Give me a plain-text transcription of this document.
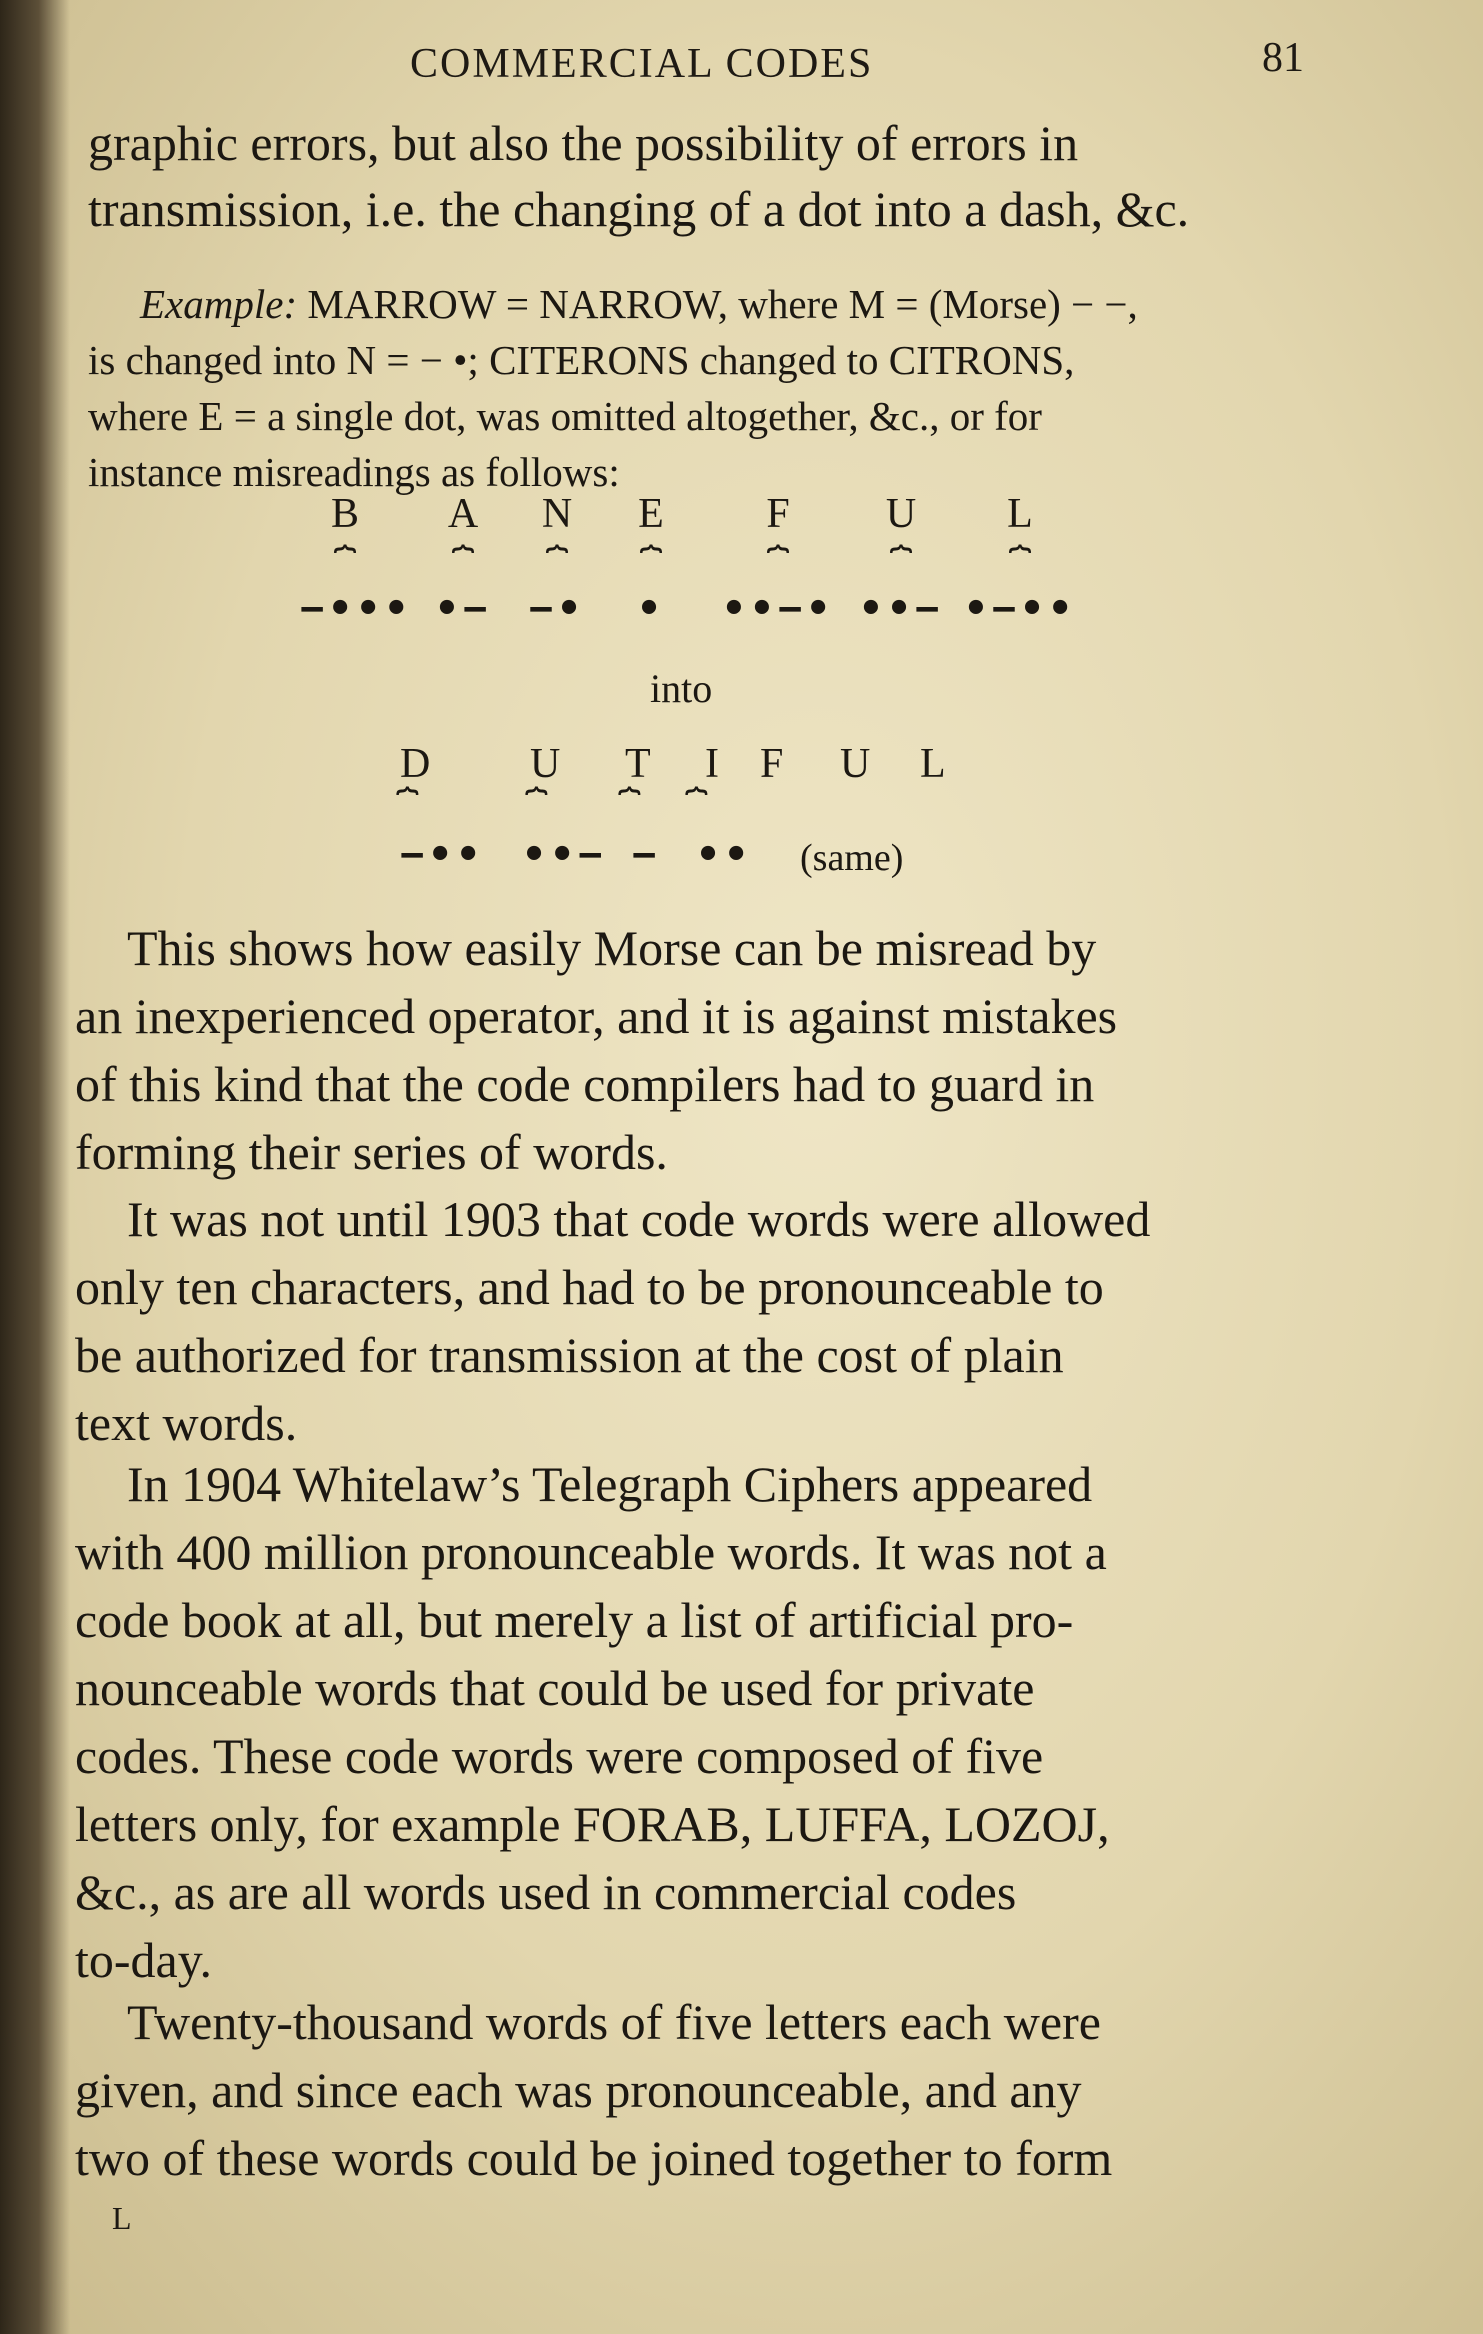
COMMERCIAL CODES	81
graphic errors, but also the possibility of errors in
transmission, i.e. the changing of a dot into a dash, &c.
Example: MARROW = NARROW, where M = (Morse) − −,
is changed into N = − •; CITERONS changed to CITRONS,
where E = a single dot, was omitted altogether, &c., or for
instance misreadings as follows:
B
⏞
−•••
A
⏞
•−
N
⏞
−•
E
⏞
•
F
⏞
••−•
U
⏞
••−
L
⏞
•−••
into
D U T I F U L
⏞	⏞ ⏞ ⏞
−•• ••− − •• (same)
This shows how easily Morse can be misread by
an inexperienced operator, and it is against mistakes
of this kind that the code compilers had to guard in
forming their series of words.
It was not until 1903 that code words were allowed
only ten characters, and had to be pronounceable to
be authorized for transmission at the cost of plain
text words.
In 1904 Whitelaw’s Telegraph Ciphers appeared
with 400 million pronounceable words. It was not a
code book at all, but merely a list of artificial pro-
nounceable words that could be used for private
codes. These code words were composed of five
letters only, for example FORAB, LUFFA, LOZOJ,
&c., as are all words used in commercial codes
to-day.
Twenty-thousand words of five letters each were
given, and since each was pronounceable, and any
two of these words could be joined together to form
L
